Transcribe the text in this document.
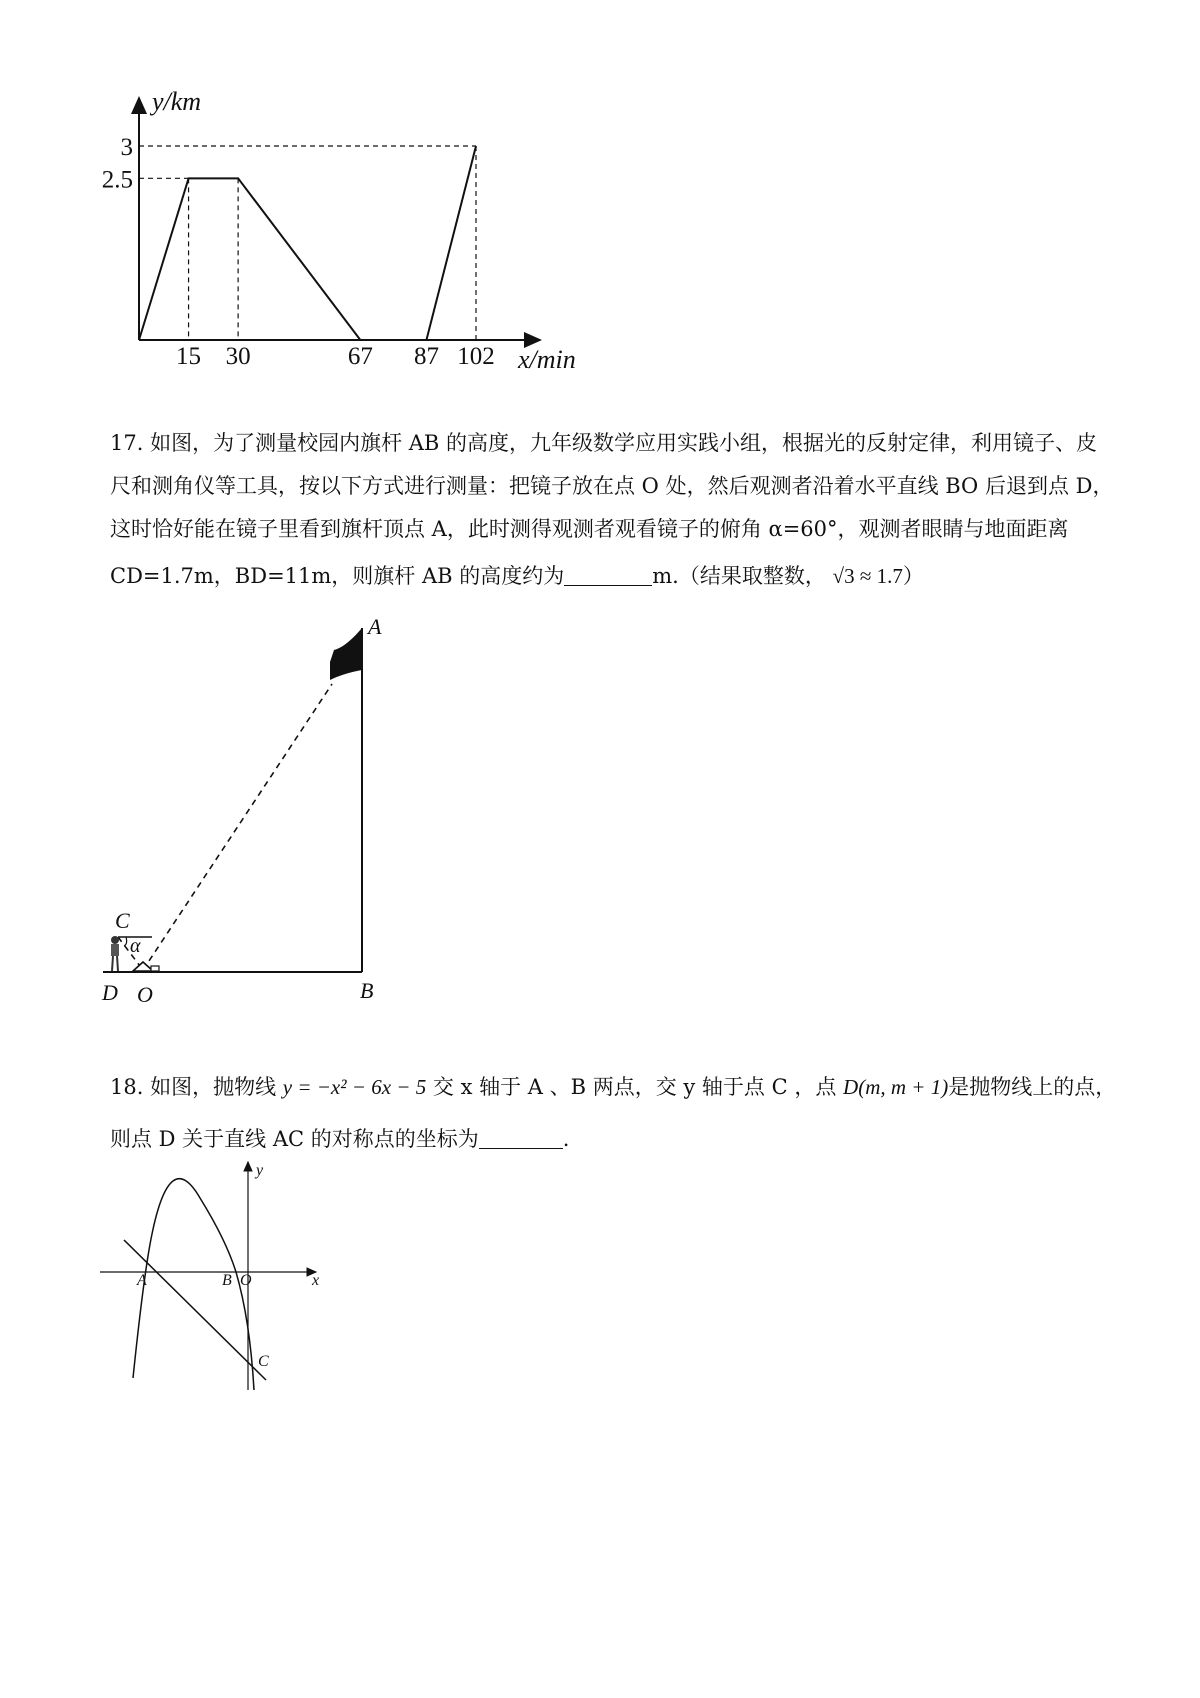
15 30	67 87 102
2.5
3
y/km
x/min

17. 如图，为了测量校园内旗杆 AB 的高度，九年级数学应用实践小组，根据光的反射定律，利用镜子、皮

尺和测角仪等工具，按以下方式进行测量：把镜子放在点 O 处，然后观测者沿着水平直线 BO 后退到点 D，

这时恰好能在镜子里看到旗杆顶点 A，此时测得观测者观看镜子的俯角 α=60°，观测者眼睛与地面距离

CD=1.7m，BD=11m，则旗杆 AB 的高度约为	m.（结果取整数， √3 ≈ 1.7）

A
B
C
D O
α

18. 如图，抛物线 y = −x² − 6x − 5 交 x 轴于 A 、B 两点，交 y 轴于点 C ，点 D(m, m + 1)是抛物线上的点，

则点 D 关于直线 AC 的对称点的坐标为	.

A	B O
C
x
y
